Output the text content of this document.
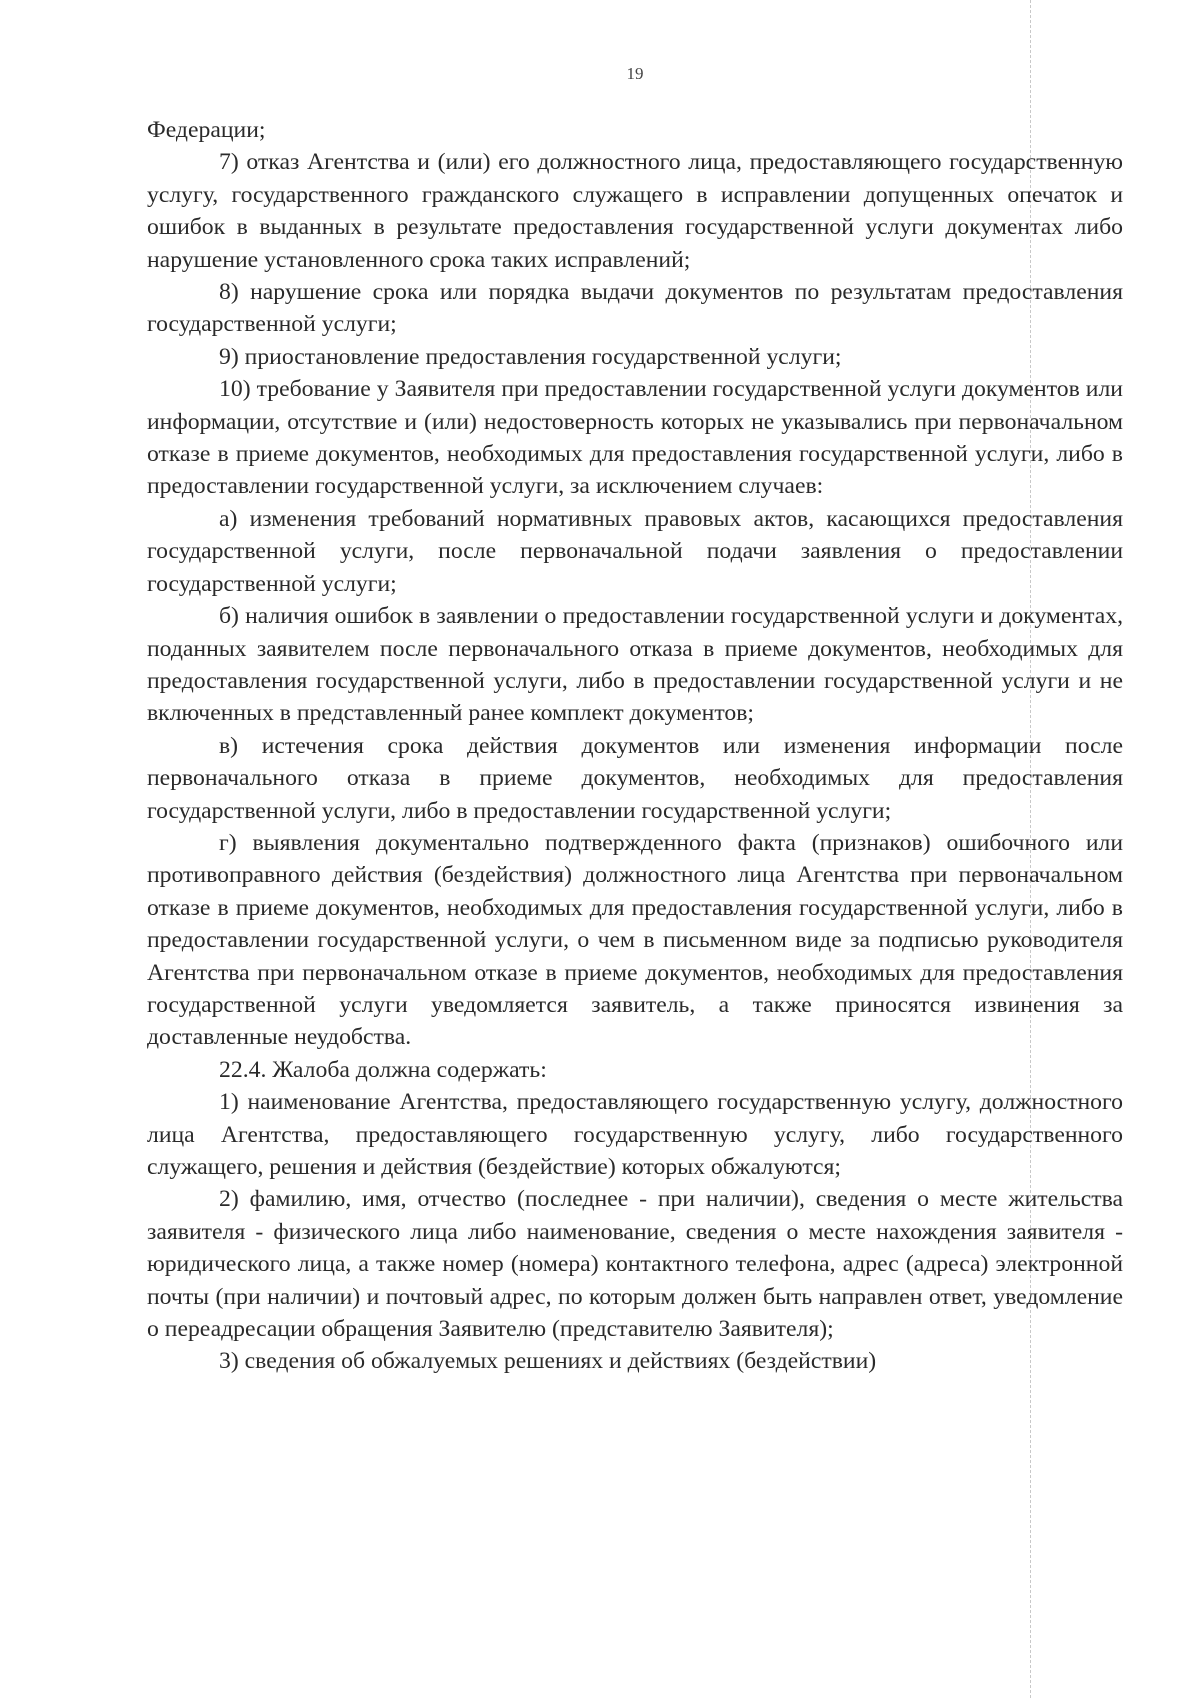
19

Федерации;

7) отказ Агентства и (или) его должностного лица, предоставляющего государственную услугу, государственного гражданского служащего в исправлении допущенных опечаток и ошибок в выданных в результате предоставления государственной услуги документах либо нарушение установленного срока таких исправлений;

8) нарушение срока или порядка выдачи документов по результатам предоставления государственной услуги;

9) приостановление предоставления государственной услуги;

10) требование у Заявителя при предоставлении государственной услуги документов или информации, отсутствие и (или) недостоверность которых не указывались при первоначальном отказе в приеме документов, необходимых для предоставления государственной услуги, либо в предоставлении государственной услуги, за исключением случаев:

а) изменения требований нормативных правовых актов, касающихся предоставления государственной услуги, после первоначальной подачи заявления о предоставлении государственной услуги;

б) наличия ошибок в заявлении о предоставлении государственной услуги и документах, поданных заявителем после первоначального отказа в приеме документов, необходимых для предоставления государственной услуги, либо в предоставлении государственной услуги и не включенных в представленный ранее комплект документов;

в) истечения срока действия документов или изменения информации после первоначального отказа в приеме документов, необходимых для предоставления государственной услуги, либо в предоставлении государственной услуги;

г) выявления документально подтвержденного факта (признаков) ошибочного или противоправного действия (бездействия) должностного лица Агентства при первоначальном отказе в приеме документов, необходимых для предоставления государственной услуги, либо в предоставлении государственной услуги, о чем в письменном виде за подписью руководителя Агентства при первоначальном отказе в приеме документов, необходимых для предоставления государственной услуги уведомляется заявитель, а также приносятся извинения за доставленные неудобства.

22.4. Жалоба должна содержать:

1) наименование Агентства, предоставляющего государственную услугу, должностного лица Агентства, предоставляющего государственную услугу, либо государственного служащего, решения и действия (бездействие) которых обжалуются;

2) фамилию, имя, отчество (последнее - при наличии), сведения о месте жительства заявителя - физического лица либо наименование, сведения о месте нахождения заявителя - юридического лица, а также номер (номера) контактного телефона, адрес (адреса) электронной почты (при наличии) и почтовый адрес, по которым должен быть направлен ответ, уведомление о переадресации обращения Заявителю (представителю Заявителя);

3) сведения об обжалуемых решениях и действиях (бездействии)
